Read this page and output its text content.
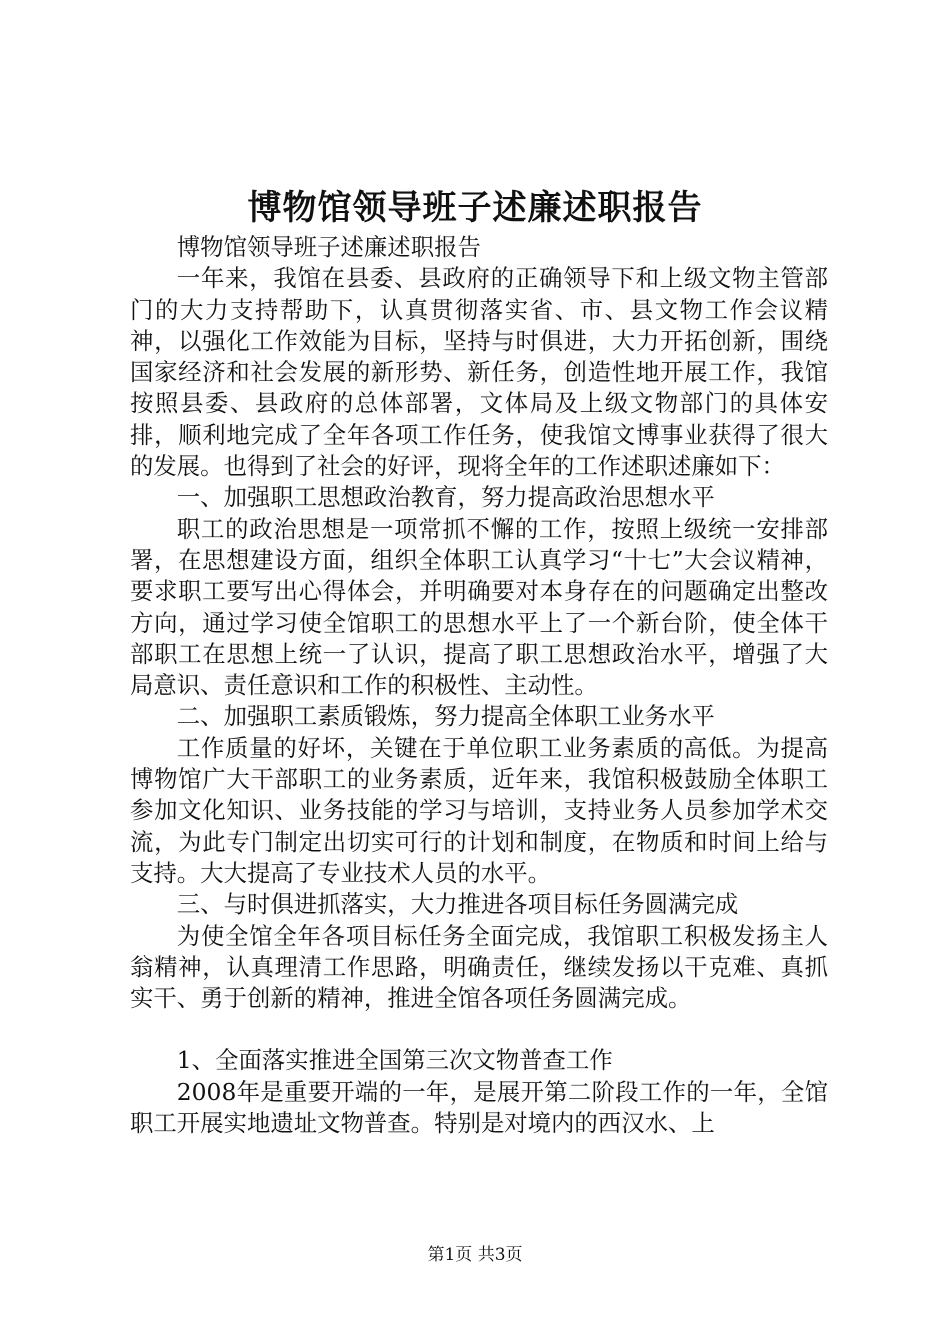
博物馆领导班子述廉述职报告

博物馆领导班子述廉述职报告

一年来，我馆在县委、县政府的正确领导下和上级文物主管部门的大力支持帮助下，认真贯彻落实省、市、县文物工作会议精神，以强化工作效能为目标，坚持与时俱进，大力开拓创新，围绕国家经济和社会发展的新形势、新任务，创造性地开展工作，我馆按照县委、县政府的总体部署，文体局及上级文物部门的具体安排，顺利地完成了全年各项工作任务，使我馆文博事业获得了很大的发展。也得到了社会的好评，现将全年的工作述职述廉如下：

一、加强职工思想政治教育，努力提高政治思想水平

职工的政治思想是一项常抓不懈的工作，按照上级统一安排部署，在思想建设方面，组织全体职工认真学习“十七”大会议精神，要求职工要写出心得体会，并明确要对本身存在的问题确定出整改方向，通过学习使全馆职工的思想水平上了一个新台阶，使全体干部职工在思想上统一了认识，提高了职工思想政治水平，增强了大局意识、责任意识和工作的积极性、主动性。

二、加强职工素质锻炼，努力提高全体职工业务水平

工作质量的好坏，关键在于单位职工业务素质的高低。为提高博物馆广大干部职工的业务素质，近年来，我馆积极鼓励全体职工参加文化知识、业务技能的学习与培训，支持业务人员参加学术交流，为此专门制定出切实可行的计划和制度，在物质和时间上给与支持。大大提高了专业技术人员的水平。

三、与时俱进抓落实，大力推进各项目标任务圆满完成

为使全馆全年各项目标任务全面完成，我馆职工积极发扬主人翁精神，认真理清工作思路，明确责任，继续发扬以干克难、真抓实干、勇于创新的精神，推进全馆各项任务圆满完成。

1、全面落实推进全国第三次文物普查工作

2008年是重要开端的一年，是展开第二阶段工作的一年，全馆职工开展实地遗址文物普查。特别是对境内的西汉水、上

第1页 共3页
